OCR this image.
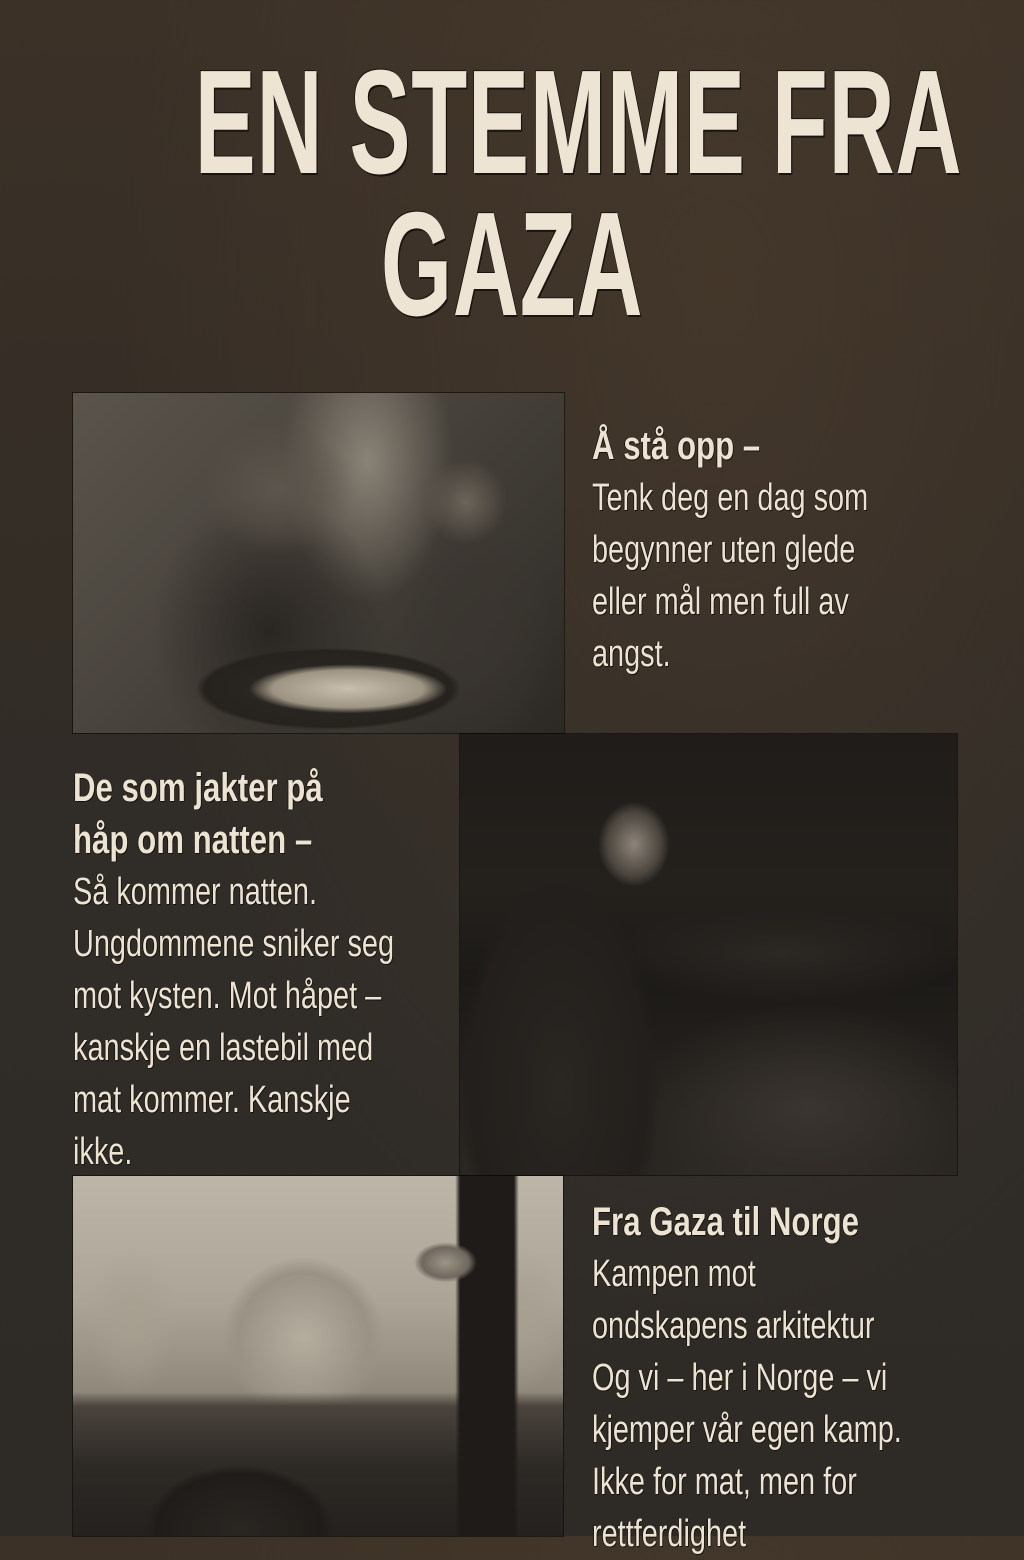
EN STEMME FRA
GAZA
Å stå opp –
Tenk deg en dag som
begynner uten glede
eller mål men full av
angst.
De som jakter på
håp om natten –
Så kommer natten.
Ungdommene sniker seg
mot kysten. Mot håpet –
kanskje en lastebil med
mat kommer. Kanskje
ikke.
Fra Gaza til Norge
Kampen mot
ondskapens arkitektur
Og vi – her i Norge – vi
kjemper vår egen kamp.
Ikke for mat, men for
rettferdighet
